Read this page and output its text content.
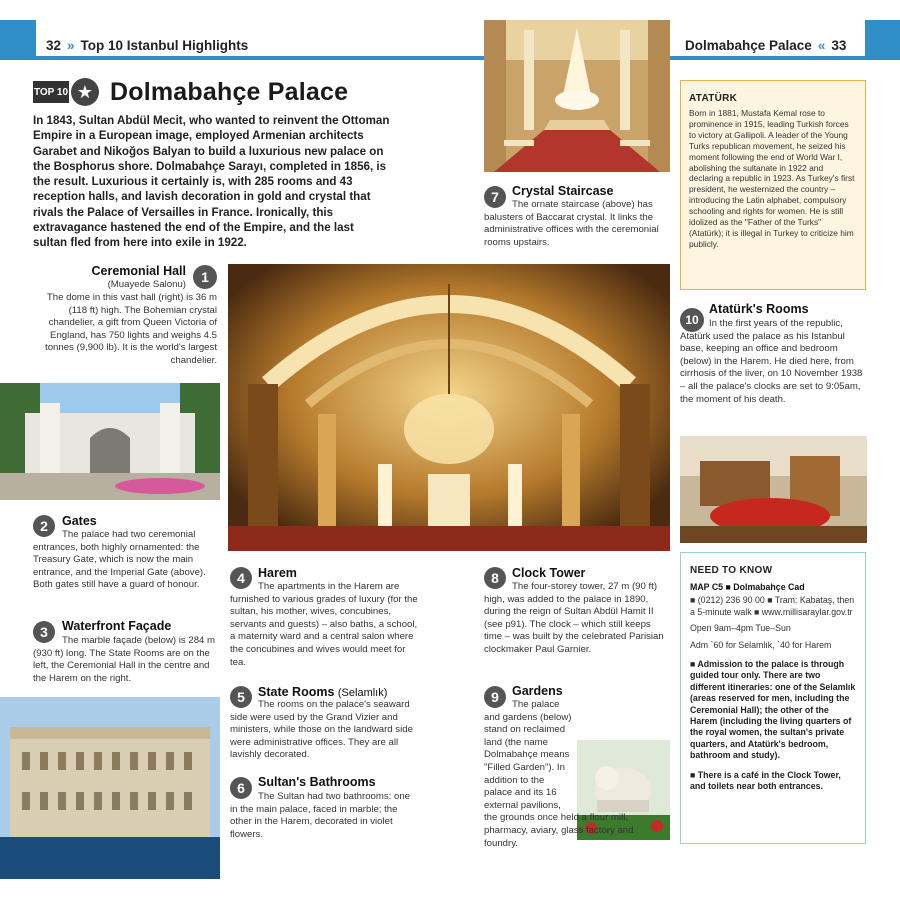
32 » Top 10 Istanbul Highlights	Dolmabahçe Palace « 33
TOP 10 ★ Dolmabahçe Palace
In 1843, Sultan Abdül Mecit, who wanted to reinvent the Ottoman Empire in a European image, employed Armenian architects Garabet and Nikoğos Balyan to build a luxurious new palace on the Bosphorus shore. Dolmabahçe Sarayı, completed in 1856, is the result. Luxurious it certainly is, with 285 rooms and 43 reception halls, and lavish decoration in gold and crystal that rivals the Palace of Versailles in France. Ironically, this extravagance hastened the end of the Empire, and the last sultan fled from here into exile in 1922.
1
Ceremonial Hall
(Muayede Salonu)
The dome in this vast hall (right) is 36 m (118 ft) high. The Bohemian crystal chandelier, a gift from Queen Victoria of England, has 750 lights and weighs 4.5 tonnes (9,900 lb). It is the world's largest chandelier.
2	Gates
The palace had two ceremonial entrances, both highly ornamented: the Treasury Gate, which is now the main entrance, and the Imperial Gate (above). Both gates still have a guard of honour.
3	Waterfront Façade
The marble façade (below) is 284 m (930 ft) long. The State Rooms are on the left, the Ceremonial Hall in the centre and the Harem on the right.
4	Harem
The apartments in the Harem are furnished to various grades of luxury (for the sultan, his mother, wives, concubines, servants and guests) – also baths, a school, a maternity ward and a central salon where the concubines and wives would meet for tea.
5	State Rooms (Selamlık)
The rooms on the palace's seaward side were used by the Grand Vizier and ministers, while those on the landward side were administrative offices. They are all lavishly decorated.
6	Sultan's Bathrooms
The Sultan had two bathrooms: one in the main palace, faced in marble; the other in the Harem, decorated in violet flowers.
7	Crystal Staircase
The ornate staircase (above) has balusters of Baccarat crystal. It links the administrative offices with the ceremonial rooms upstairs.
8	Clock Tower
The four-storey tower, 27 m (90 ft) high, was added to the palace in 1890, during the reign of Sultan Abdül Hamit II (see p91). The clock – which still keeps time – was built by the celebrated Parisian clockmaker Paul Garnier.
9	Gardens
The palace and gardens (below) stand on reclaimed land (the name Dolmabahçe means "Filled Garden"). In addition to the palace and its 16 external pavilions, the grounds once held a flour mill, pharmacy, aviary, glass factory and foundry.
10
Atatürk's Rooms
In the first years of the republic, Atatürk used the palace as his Istanbul base, keeping an office and bedroom (below) in the Harem. He died here, from cirrhosis of the liver, on 10 November 1938 – all the palace's clocks are set to 9:05am, the moment of his death.
ATATÜRK
Born in 1881, Mustafa Kemal rose to prominence in 1915, leading Turkish forces to victory at Gallipoli. A leader of the Young Turks republican movement, he seized his moment following the end of World War I, abolishing the sultanate in 1922 and declaring a republic in 1923. As Turkey's first president, he westernized the country – introducing the Latin alphabet, compulsory schooling and rights for women. He is still idolized as the "Father of the Turks" (Atatürk); it is illegal in Turkey to criticize him publicly.
NEED TO KNOW
MAP C5 ■ Dolmabahçe Cad
■ (0212) 236 90 00 ■ Tram: Kabataş, then a 5-minute walk ■ www.millisaraylar.gov.tr
Open 9am–4pm Tue–Sun
Adm `60 for Selamlık, `40 for Harem
■ Admission to the palace is through guided tour only. There are two different itineraries: one of the Selamlık (areas reserved for men, including the Ceremonial Hall); the other of the Harem (including the living quarters of the royal women, the sultan's private quarters, and Atatürk's bedroom, bathroom and study).
■ There is a café in the Clock Tower, and toilets near both entrances.
